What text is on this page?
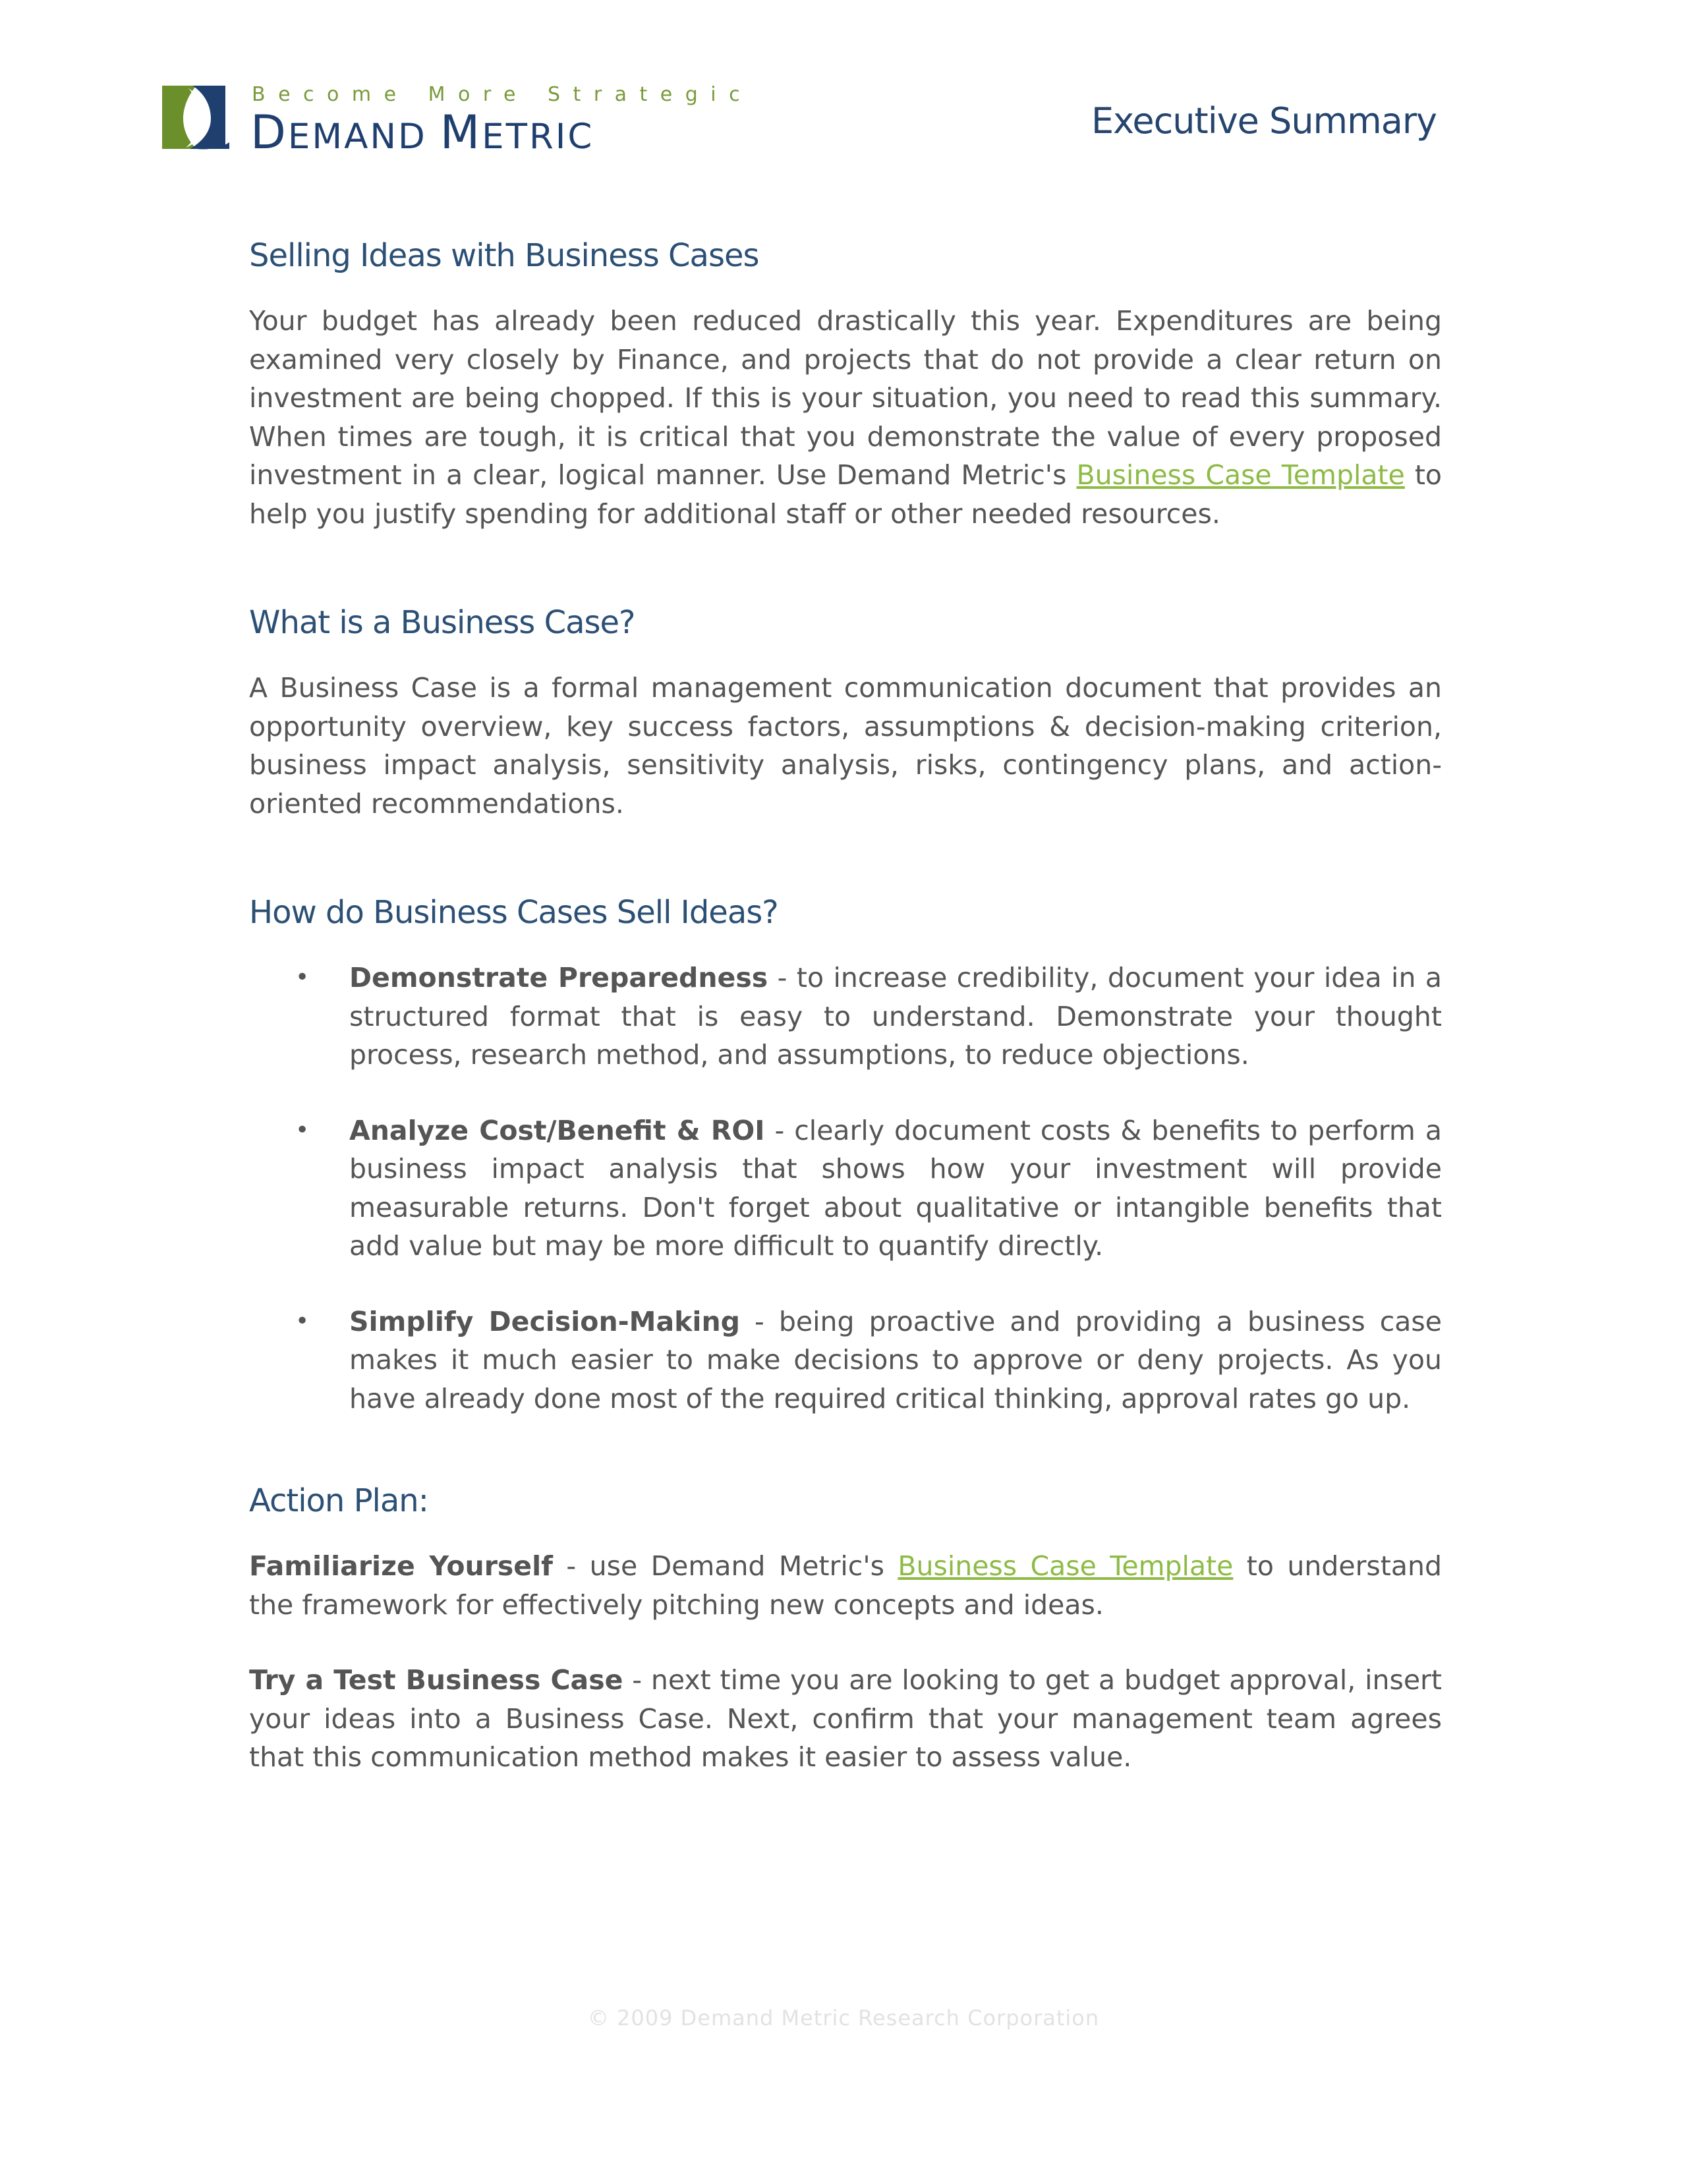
Become More Strategic
DEMAND METRIC	Executive Summary
Selling Ideas with Business Cases

Your budget has already been reduced drastically this year. Expenditures are being examined very closely by Finance, and projects that do not provide a clear return on investment are being chopped. If this is your situation, you need to read this summary. When times are tough, it is critical that you demonstrate the value of every proposed investment in a clear, logical manner. Use Demand Metric's Business Case Template to help you justify spending for additional staff or other needed resources.

What is a Business Case?

A Business Case is a formal management communication document that provides an opportunity overview, key success factors, assumptions & decision-making criterion, business impact analysis, sensitivity analysis, risks, contingency plans, and action-oriented recommendations.

How do Business Cases Sell Ideas?
• Demonstrate Preparedness - to increase credibility, document your idea in a structured format that is easy to understand. Demonstrate your thought process, research method, and assumptions, to reduce objections.
• Analyze Cost/Benefit & ROI - clearly document costs & benefits to perform a business impact analysis that shows how your investment will provide measurable returns. Don't forget about qualitative or intangible benefits that add value but may be more difficult to quantify directly.
• Simplify Decision-Making - being proactive and providing a business case makes it much easier to make decisions to approve or deny projects. As you have already done most of the required critical thinking, approval rates go up.
Action Plan:

Familiarize Yourself - use Demand Metric's Business Case Template to understand the framework for effectively pitching new concepts and ideas.

Try a Test Business Case - next time you are looking to get a budget approval, insert your ideas into a Business Case. Next, confirm that your management team agrees that this communication method makes it easier to assess value.

© 2009 Demand Metric Research Corporation
